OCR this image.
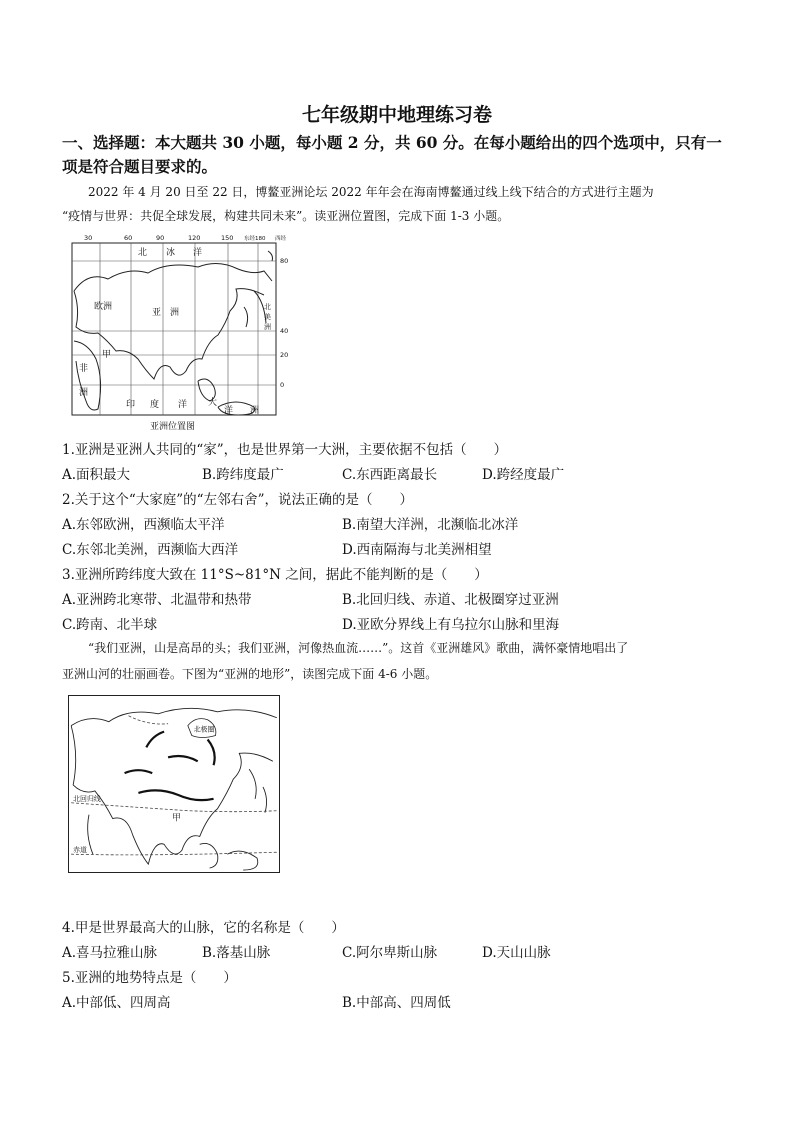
七年级期中地理练习卷
一、选择题：本大题共 30 小题，每小题 2 分，共 60 分。在每小题给出的四个选项中，只有一
项是符合题目要求的。
2022 年 4 月 20 日至 22 日，博鳌亚洲论坛 2022 年年会在海南博鳌通过线上线下结合的方式进行主题为
“疫情与世界：共促全球发展，构建共同未来”。读亚洲位置图，完成下面 1-3 小题。
30	60	90	120	150 东经180 西经
80
40
20
0
北 冰 洋
欧洲
亚　洲
北
美
洲
甲
非
洲
印 度 洋 大
洋 洲
亚洲位置图
1.亚洲是亚洲人共同的“家”，也是世界第一大洲，主要依据不包括（　　）
A.面积最大	B.跨纬度最广	C.东西距离最长	D.跨经度最广
2.关于这个“大家庭”的“左邻右舍”，说法正确的是（　　）
A.东邻欧洲，西濒临太平洋	B.南望大洋洲，北濒临北冰洋
C.东邻北美洲，西濒临大西洋	D.西南隔海与北美洲相望
3.亚洲所跨纬度大致在 11°S~81°N 之间，据此不能判断的是（　　）
A.亚洲跨北寒带、北温带和热带	B.北回归线、赤道、北极圈穿过亚洲
C.跨南、北半球	D.亚欧分界线上有乌拉尔山脉和里海
“我们亚洲，山是高昂的头；我们亚洲，河像热血流……”。这首《亚洲雄风》歌曲，满怀豪情地唱出了
亚洲山河的壮丽画卷。下图为“亚洲的地形”，读图完成下面 4-6 小题。
北极圈
北回归线
甲
赤道
4.甲是世界最高大的山脉，它的名称是（　　）
A.喜马拉雅山脉	B.落基山脉	C.阿尔卑斯山脉	D.天山山脉
5.亚洲的地势特点是（　　）
A.中部低、四周高	B.中部高、四周低
